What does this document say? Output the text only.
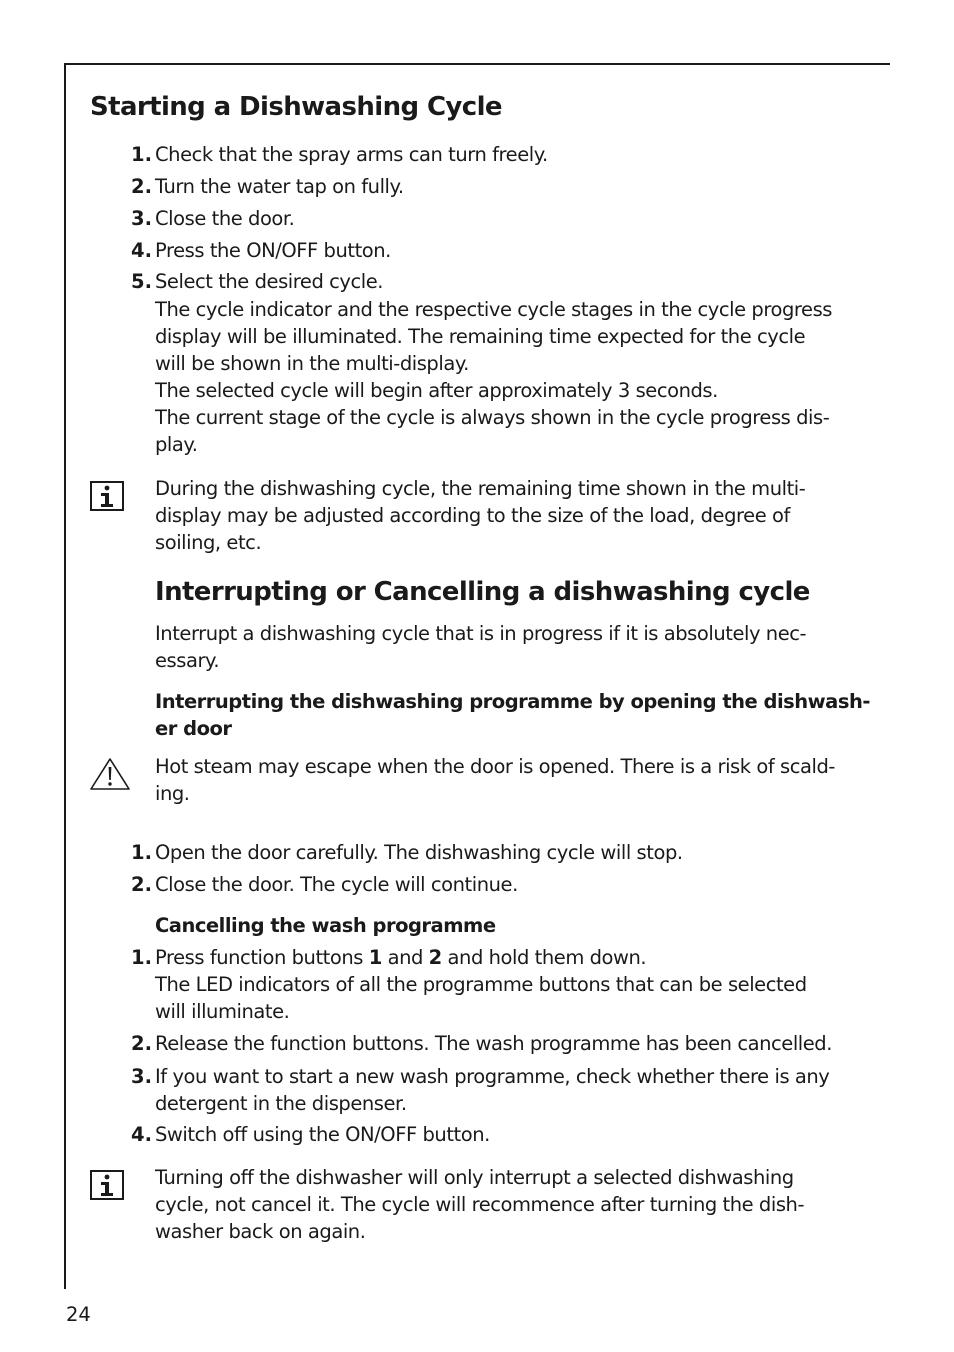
Starting a Dishwashing Cycle
1. Check that the spray arms can turn freely.
2. Turn the water tap on fully.
3. Close the door.
4. Press the ON/OFF button.
5. Select the desired cycle.
The cycle indicator and the respective cycle stages in the cycle progress
display will be illuminated. The remaining time expected for the cycle
will be shown in the multi-display.
The selected cycle will begin after approximately 3 seconds.
The current stage of the cycle is always shown in the cycle progress dis-
play.
During the dishwashing cycle, the remaining time shown in the multi-
display may be adjusted according to the size of the load, degree of
soiling, etc.
Interrupting or Cancelling a dishwashing cycle
Interrupt a dishwashing cycle that is in progress if it is absolutely nec-
essary.
Interrupting the dishwashing programme by opening the dishwash-
er door
Hot steam may escape when the door is opened. There is a risk of scald-
ing.
1. Open the door carefully. The dishwashing cycle will stop.
2. Close the door. The cycle will continue.
Cancelling the wash programme
1. Press function buttons 1 and 2 and hold them down.
The LED indicators of all the programme buttons that can be selected
will illuminate.
2. Release the function buttons. The wash programme has been cancelled.
3. If you want to start a new wash programme, check whether there is any
detergent in the dispenser.
4. Switch off using the ON/OFF button.
Turning off the dishwasher will only interrupt a selected dishwashing
cycle, not cancel it. The cycle will recommence after turning the dish-
washer back on again.
24
